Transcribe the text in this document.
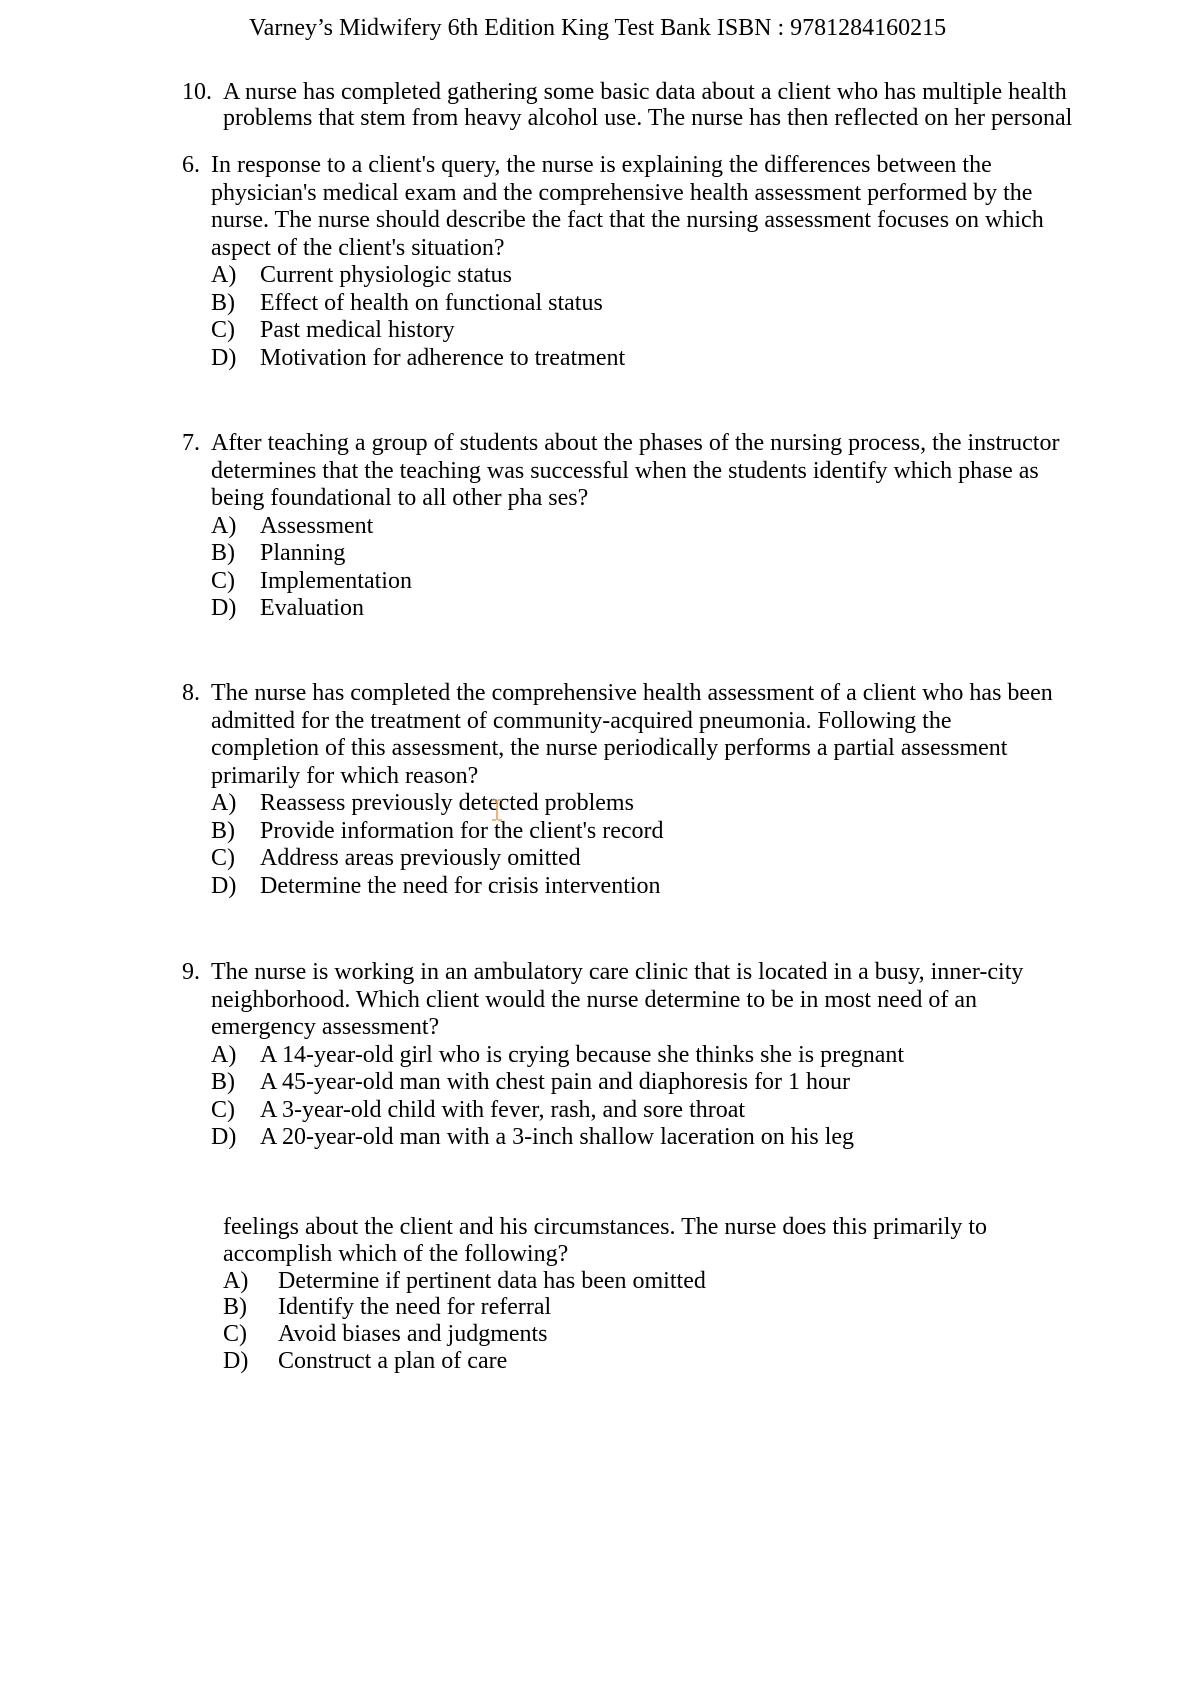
Varney’s Midwifery 6th Edition King Test Bank ISBN : 9781284160215
10. A nurse has completed gathering some basic data about a client who has multiple health
problems that stem from heavy alcohol use. The nurse has then reflected on her personal
6. In response to a client's query, the nurse is explaining the differences between the
physician's medical exam and the comprehensive health assessment performed by the
nurse. The nurse should describe the fact that the nursing assessment focuses on which
aspect of the client's situation?
A) Current physiologic status
B) Effect of health on functional status
C) Past medical history
D) Motivation for adherence to treatment
7. After teaching a group of students about the phases of the nursing process, the instructor
determines that the teaching was successful when the students identify which phase as
being foundational to all other pha ses?
A) Assessment
B) Planning
C) Implementation
D) Evaluation
8. The nurse has completed the comprehensive health assessment of a client who has been
admitted for the treatment of community-acquired pneumonia. Following the
completion of this assessment, the nurse periodically performs a partial assessment
primarily for which reason?
A) Reassess previously detected problems
B) Provide information for the client's record
C) Address areas previously omitted
D) Determine the need for crisis intervention
9. The nurse is working in an ambulatory care clinic that is located in a busy, inner-city
neighborhood. Which client would the nurse determine to be in most need of an
emergency assessment?
A) A 14-year-old girl who is crying because she thinks she is pregnant
B) A 45-year-old man with chest pain and diaphoresis for 1 hour
C) A 3-year-old child with fever, rash, and sore throat
D) A 20-year-old man with a 3-inch shallow laceration on his leg
feelings about the client and his circumstances. The nurse does this primarily to
accomplish which of the following?
A) Determine if pertinent data has been omitted
B) Identify the need for referral
C) Avoid biases and judgments
D) Construct a plan of care
